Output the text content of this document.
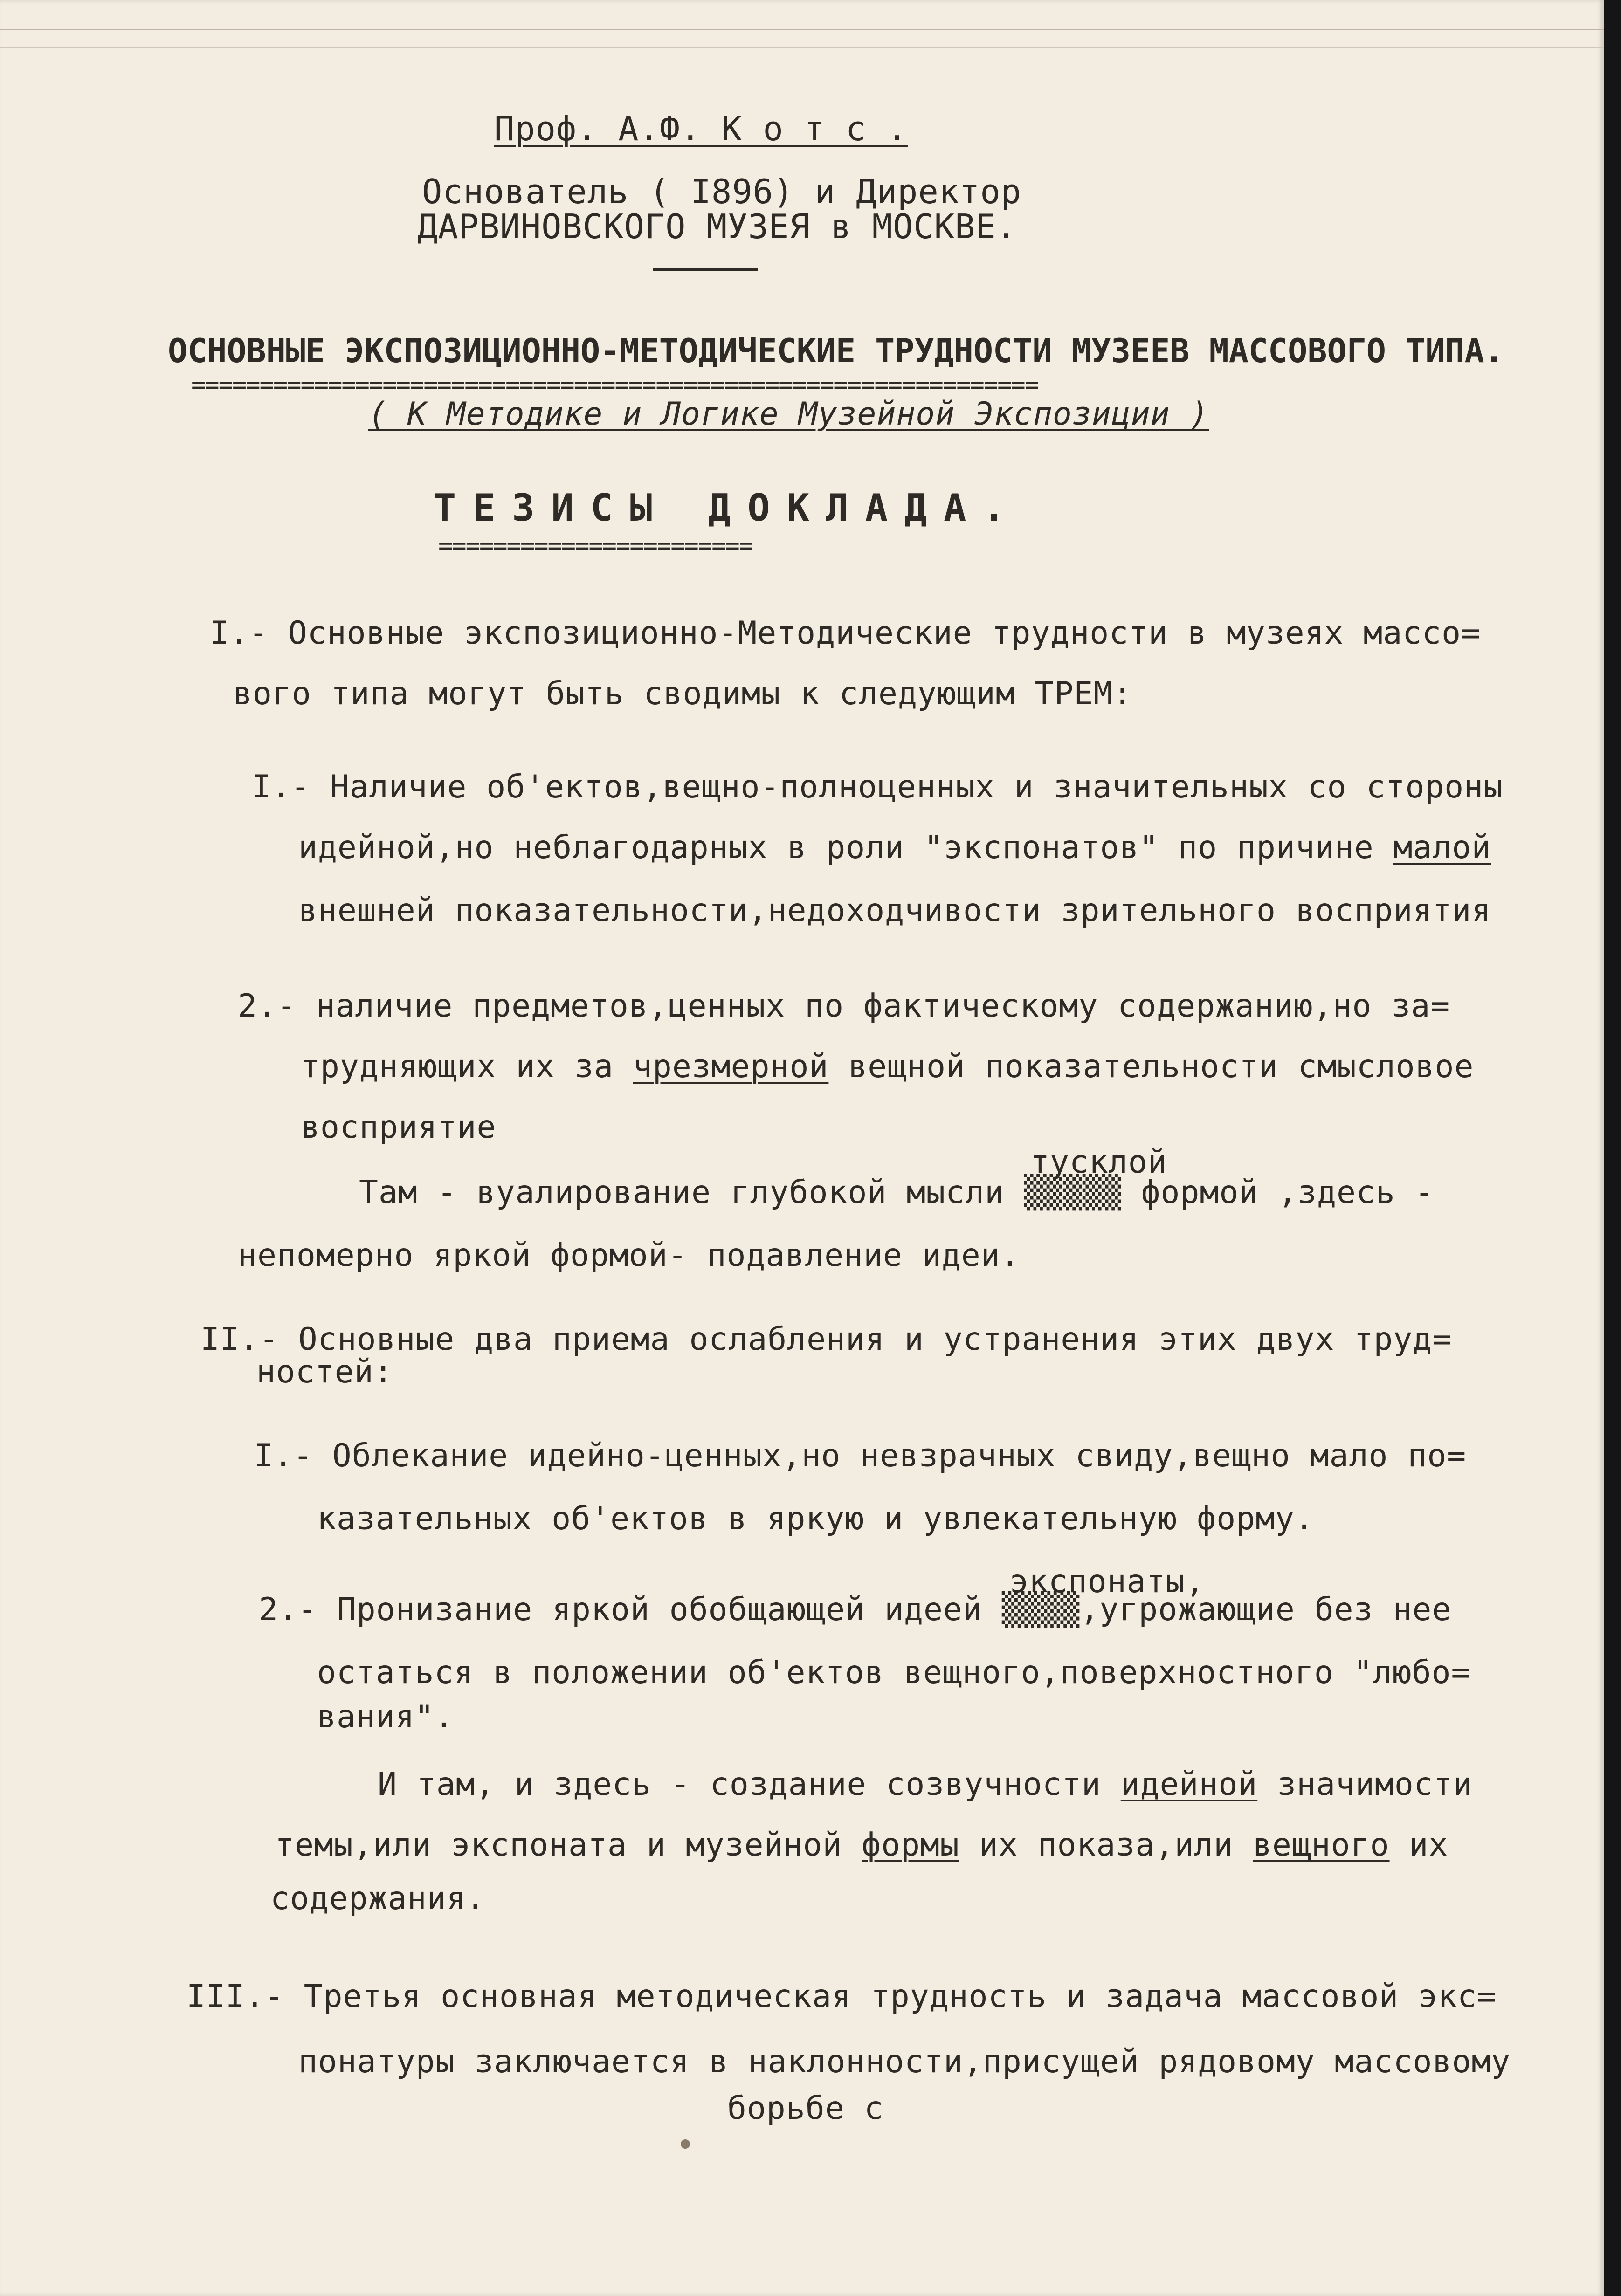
Проф. А.Ф. К о т с .
Основатель ( I896) и Директор
ДАРВИНОВСКОГО МУЗЕЯ в МОСКВЕ.
ОСНОВНЫЕ ЭКСПОЗИЦИОННО-МЕТОДИЧЕСКИЕ ТРУДНОСТИ МУЗЕЕВ МАССОВОГО ТИПА.
==============================================================
( К Методике и Логике Музейной Экспозиции )
ТЕЗИСЫ ДОКЛАДА.
=======================
I.- Основные экспозиционно-Методические трудности в музеях массо=
вого типа могут быть сводимы к следующим ТРЕМ:
I.- Наличие об'ектов,вещно-полноценных и значительных со стороны
идейной,но неблагодарных в роли "экспонатов" по причине малой
внешней показательности,недоходчивости зрительного восприятия
2.- наличие предметов,ценных по фактическому содержанию,но за=
трудняющих их за чрезмерной вещной показательности смысловое
восприятие
тусклой
Там - вуалирование глубокой мысли ▒▒▒▒▒ формой ,здесь -
непомерно яркой формой- подавление идеи.
II.- Основные два приема ослабления и устранения этих двух труд=
ностей:
I.- Облекание идейно-ценных,но невзрачных свиду,вещно мало по=
казательных об'ектов в яркую и увлекательную форму.
экспонаты,
2.- Пронизание яркой обобщающей идеей ▒▒▒▒,угрожающие без нее
остаться в положении об'ектов вещного,поверхностного "любо=
вания".
И там, и здесь - создание созвучности идейной значимости
темы,или экспоната и музейной формы их показа,или вещного их
содержания.
III.- Третья основная методическая трудность и задача массовой экс=
понатуры заключается в наклонности,присущей рядовому массовому
борьбе с
